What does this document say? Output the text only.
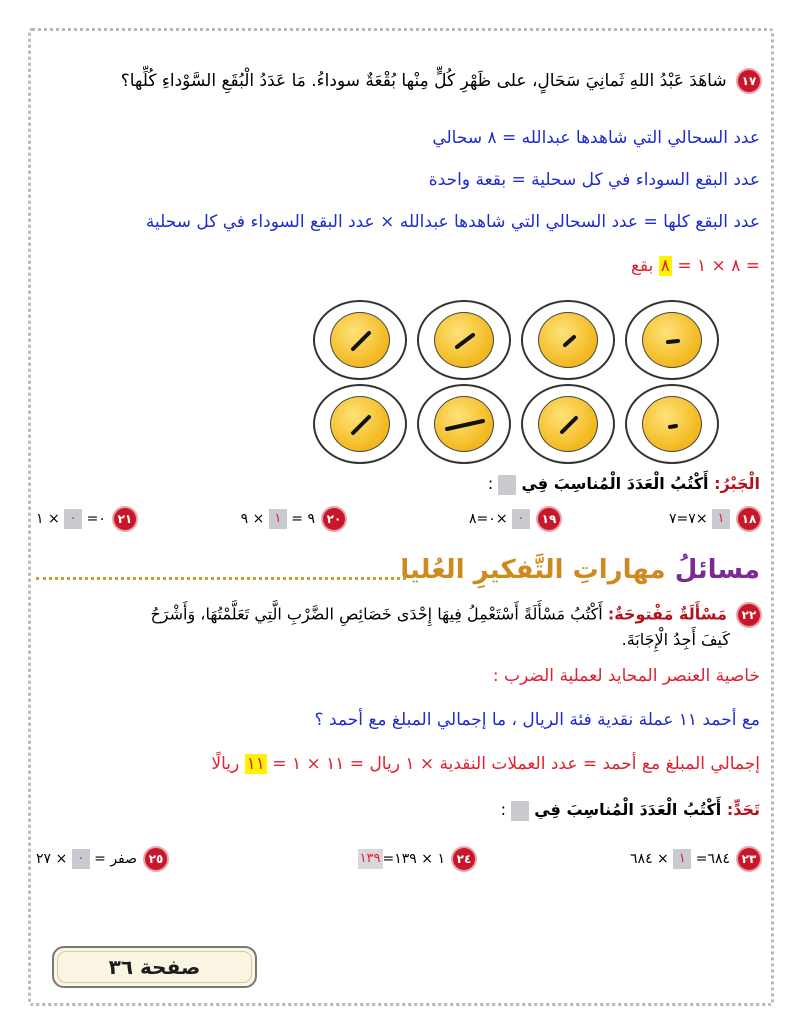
١٧ شاهَدَ عَبْدُ اللهِ ثَمانِيَ سَحَالٍ، على ظَهْرِ كُلٍّ مِنْها بُقْعَةٌ سوداءُ. مَا عَدَدُ الْبُقَعِ السَّوْداءِ كُلِّها؟
عدد السحالي التي شاهدها عبدالله = ٨ سحالي
عدد البقع السوداء في كل سحلية = بقعة واحدة
عدد البقع كلها = عدد السحالي التي شاهدها عبدالله × عدد البقع السوداء في كل سحلية
= ٨ × ١ = ٨ بقع
الْجَبْرُ: أَكْتُبُ الْعَدَدَ الْمُناسِبَ فِي  :
٧=٧× ١ ١٨
٠=٨× ٠ ١٩
٩ = ١ × ٩	٢٠
٠= ٠ × ١	٢١
مسائلُ مهاراتِ التَّفكيرِ العُليا
٢٢ مَسْأَلَةٌ مَفْتوحَةٌ: أَكْتُبُ مَسْأَلَةً أَسْتَعْمِلُ فِيهَا إِحْدَى خَصَائِصِ الضَّرْبِ الَّتِي تَعَلَّمْتُهَا، وَأَشْرَحُ
كَيفَ أَجِدُ الْإِجَابَةَ.
خاصية العنصر المحايد لعملية الضرب :
مع أحمد ١١ عملة نقدية فئة الريال ، ما إجمالي المبلغ مع أحمد ؟
إجمالي المبلغ مع أحمد = عدد العملات النقدية × ١ ريال = ١١ × ١ = ١١ ريالًا
تَحَدٍّ: أَكْتُبُ الْعَدَدَ الْمُناسِبَ فِي  :
٦٨٤= ١ × ٦٨٤	٢٣
١٣٩ =١ × ١٣٩ ٢٤
صفر = ٠ × ٢٧	٢٥
صفحة ٣٦
